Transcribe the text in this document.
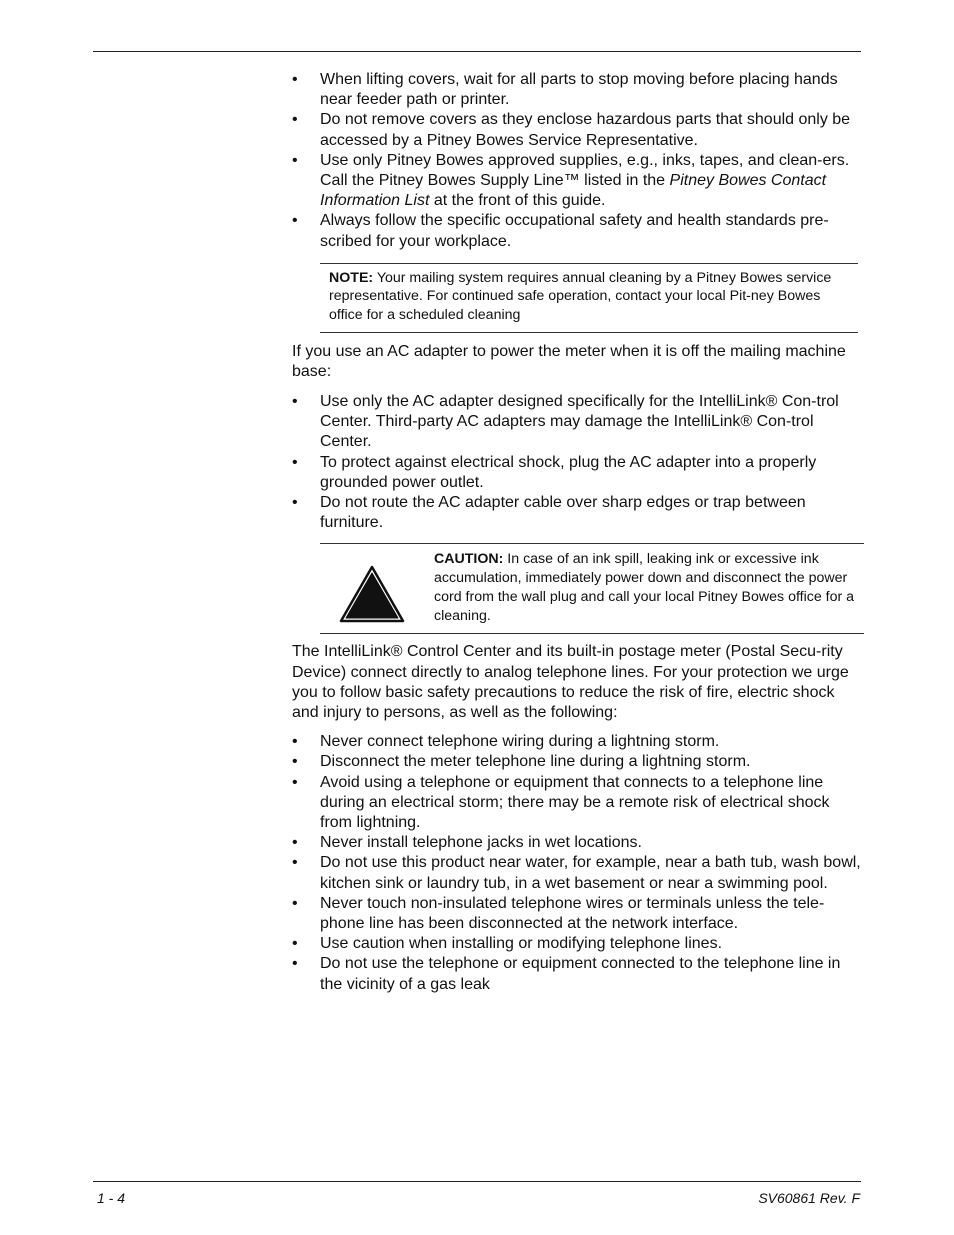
• When lifting covers, wait for all parts to stop moving before placing hands near feeder path or printer.
• Do not remove covers as they enclose hazardous parts that should only be accessed by a Pitney Bowes Service Representative.
• Use only Pitney Bowes approved supplies, e.g., inks, tapes, and clean-ers. Call the Pitney Bowes Supply Line™ listed in the Pitney Bowes Contact Information List at the front of this guide.
• Always follow the specific occupational safety and health standards pre-scribed for your workplace.
NOTE: Your mailing system requires annual cleaning by a Pitney Bowes service representative. For continued safe operation, contact your local Pit-ney Bowes office for a scheduled cleaning

If you use an AC adapter to power the meter when it is off the mailing machine base:

• Use only the AC adapter designed specifically for the IntelliLink® Con-trol Center. Third-party AC adapters may damage the IntelliLink® Con-trol Center.
• To protect against electrical shock, plug the AC adapter into a properly grounded power outlet.
• Do not route the AC adapter cable over sharp edges or trap between furniture.
CAUTION: In case of an ink spill, leaking ink or excessive ink accumulation, immediately power down and disconnect the power cord from the wall plug and call your local Pitney Bowes office for a cleaning.

The IntelliLink® Control Center and its built-in postage meter (Postal Secu-rity Device) connect directly to analog telephone lines. For your protection we urge you to follow basic safety precautions to reduce the risk of fire, electric shock and injury to persons, as well as the following:

• Never connect telephone wiring during a lightning storm.
• Disconnect the meter telephone line during a lightning storm.
• Avoid using a telephone or equipment that connects to a telephone line during an electrical storm; there may be a remote risk of electrical shock from lightning.
• Never install telephone jacks in wet locations.
• Do not use this product near water, for example, near a bath tub, wash bowl, kitchen sink or laundry tub, in a wet basement or near a swimming pool.
• Never touch non-insulated telephone wires or terminals unless the tele-phone line has been disconnected at the network interface.
• Use caution when installing or modifying telephone lines.
• Do not use the telephone or equipment connected to the telephone line in the vicinity of a gas leak
1 - 4	SV60861 Rev. F
